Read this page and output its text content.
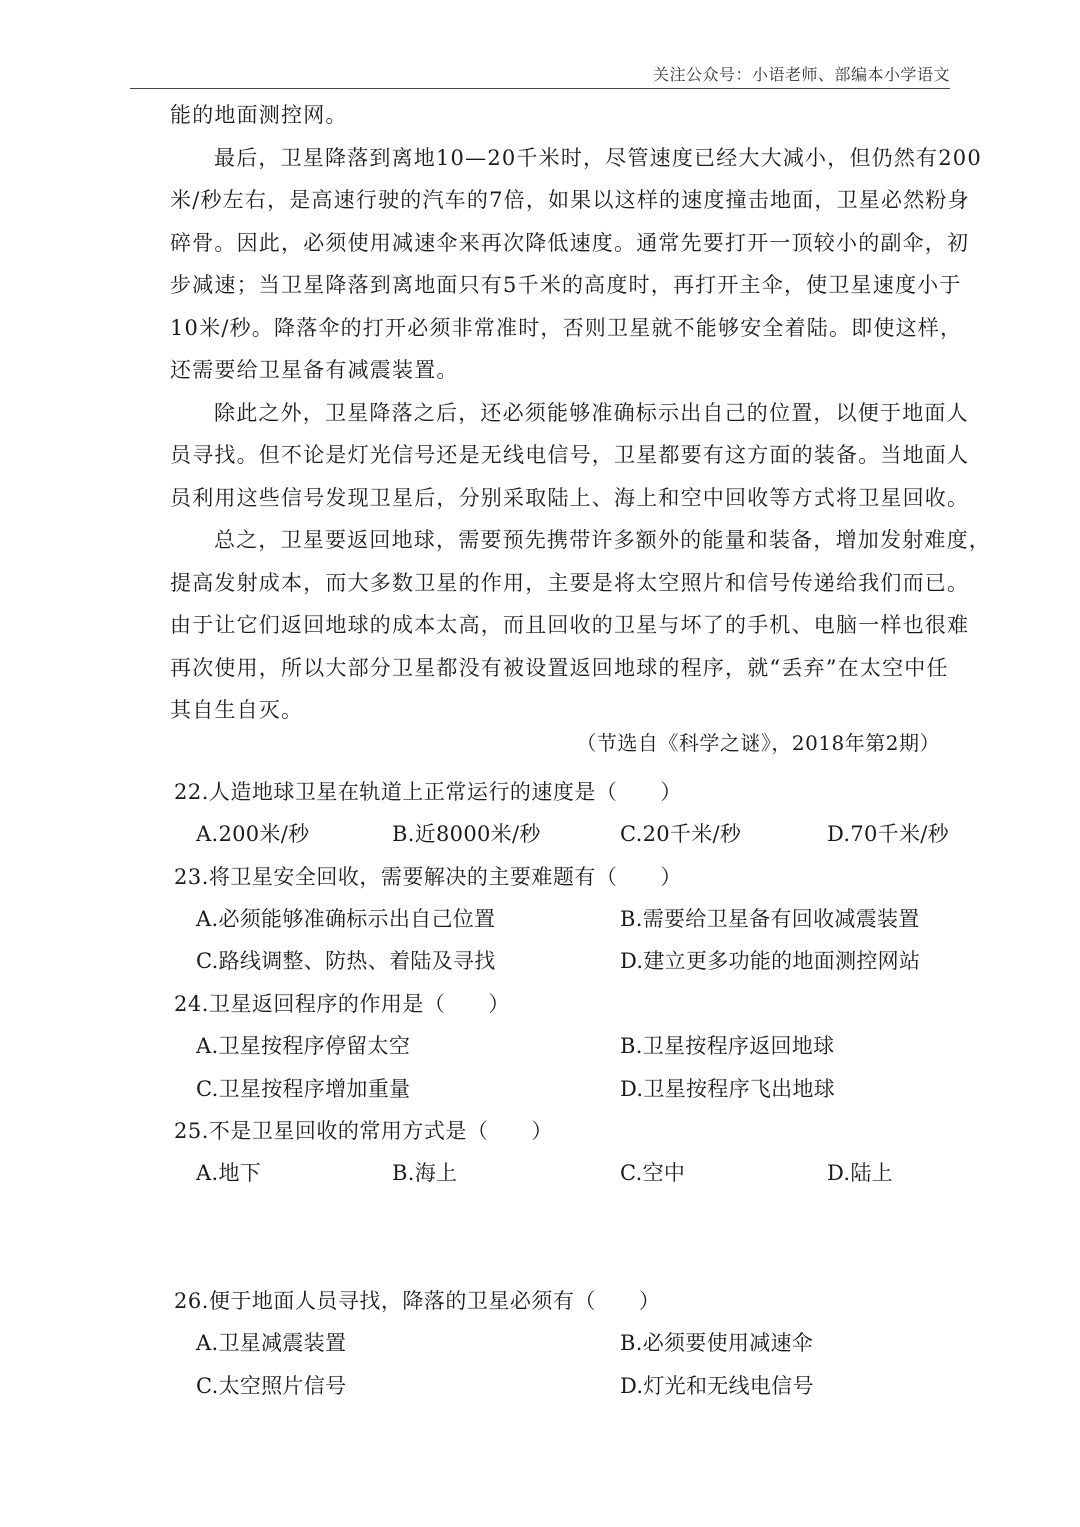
关注公众号：小语老师、部编本小学语文

能的地面测控网。

最后，卫星降落到离地10—20千米时，尽管速度已经大大减小，但仍然有200

米/秒左右，是高速行驶的汽车的7倍，如果以这样的速度撞击地面，卫星必然粉身

碎骨。因此，必须使用减速伞来再次降低速度。通常先要打开一顶较小的副伞，初

步减速；当卫星降落到离地面只有5千米的高度时，再打开主伞，使卫星速度小于

10米/秒。降落伞的打开必须非常准时，否则卫星就不能够安全着陆。即使这样，

还需要给卫星备有减震装置。

除此之外，卫星降落之后，还必须能够准确标示出自己的位置，以便于地面人

员寻找。但不论是灯光信号还是无线电信号，卫星都要有这方面的装备。当地面人

员利用这些信号发现卫星后，分别采取陆上、海上和空中回收等方式将卫星回收。

总之，卫星要返回地球，需要预先携带许多额外的能量和装备，增加发射难度，

提高发射成本，而大多数卫星的作用，主要是将太空照片和信号传递给我们而已。

由于让它们返回地球的成本太高，而且回收的卫星与坏了的手机、电脑一样也很难

再次使用，所以大部分卫星都没有被设置返回地球的程序，就“丢弃”在太空中任

其自生自灭。

（节选自《科学之谜》，2018年第2期）
22.人造地球卫星在轨道上正常运行的速度是（　　）
A.200米/秒	B.近8000米/秒	C.20千米/秒	D.70千米/秒
23.将卫星安全回收，需要解决的主要难题有（　　）
A.必须能够准确标示出自己位置	B.需要给卫星备有回收减震装置
C.路线调整、防热、着陆及寻找	D.建立更多功能的地面测控网站
24.卫星返回程序的作用是（　　）
A.卫星按程序停留太空	B.卫星按程序返回地球
C.卫星按程序增加重量	D.卫星按程序飞出地球
25.不是卫星回收的常用方式是（　　）
A.地下	B.海上	C.空中	D.陆上
26.便于地面人员寻找，降落的卫星必须有（　　）
A.卫星减震装置	B.必须要使用减速伞
C.太空照片信号	D.灯光和无线电信号
